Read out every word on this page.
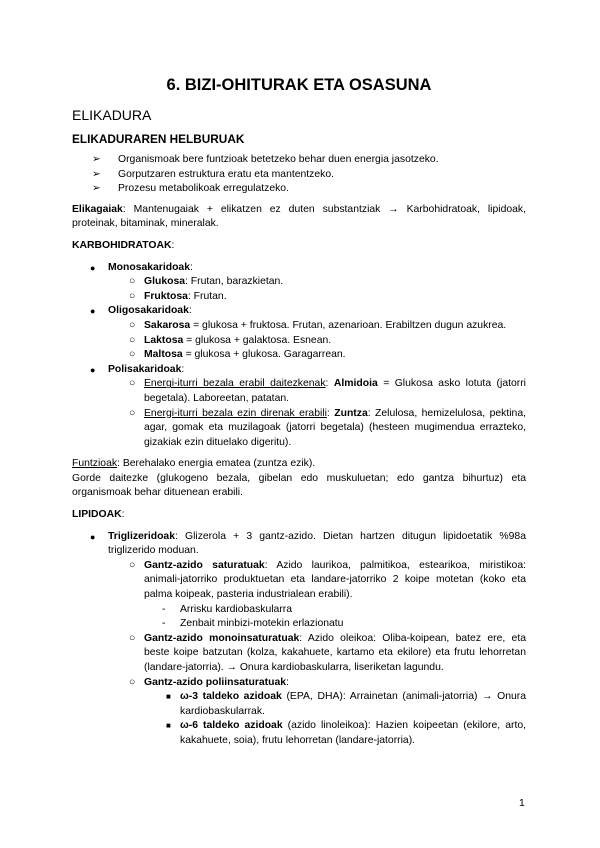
6. BIZI-OHITURAK ETA OSASUNA
ELIKADURA
ELIKADURAREN HELBURUAK
➢ Organismoak bere funtzioak betetzeko behar duen energia jasotzeko.
➢ Gorputzaren estruktura eratu eta mantentzeko.
➢ Prozesu metabolikoak erregulatzeko.
Elikagaiak: Mantenugaiak + elikatzen ez duten substantziak → Karbohidratoak, lipidoak, proteinak, bitaminak, mineralak.
KARBOHIDRATOAK:
● Monosakaridoak:
○ Glukosa: Frutan, barazkietan.
○ Fruktosa: Frutan.
● Oligosakaridoak:
○ Sakarosa = glukosa + fruktosa. Frutan, azenarioan. Erabiltzen dugun azukrea.
○ Laktosa = glukosa + galaktosa. Esnean.
○ Maltosa = glukosa + glukosa. Garagarrean.
● Polisakaridoak:
○ Energi-iturri bezala erabil daitezkenak: Almidoia = Glukosa asko lotuta (jatorri begetala). Laboreetan, patatan.
○ Energi-iturri bezala ezin direnak erabili: Zuntza: Zelulosa, hemizelulosa, pektina, agar, gomak eta muzilagoak (jatorri begetala) (hesteen mugimendua errazteko, gizakiak ezin dituelako digeritu).
Funtzioak: Berehalako energia ematea (zuntza ezik).
Gorde daitezke (glukogeno bezala, gibelan edo muskuluetan; edo gantza bihurtuz) eta organismoak behar dituenean erabili.
LIPIDOAK:
● Triglizeridoak: Glizerola + 3 gantz-azido. Dietan hartzen ditugun lipidoetatik %98a triglizerido moduan.
○ Gantz-azido saturatuak: Azido laurikoa, palmitikoa, estearikoa, miristikoa: animali-jatorriko produktuetan eta landare-jatorriko 2 koipe motetan (koko eta palma koipeak, pasteria industrialean erabili).
- Arrisku kardiobaskularra
- Zenbait minbizi-motekin erlazionatu
○ Gantz-azido monoinsaturatuak: Azido oleikoa: Oliba-koipean, batez ere, eta beste koipe batzutan (kolza, kakahuete, kartamo eta ekilore) eta frutu lehorretan (landare-jatorria). → Onura kardiobaskularra, liseriketan lagundu.
○ Gantz-azido poliinsaturatuak:
■ ω-3 taldeko azidoak (EPA, DHA): Arrainetan (animali-jatorria) → Onura kardiobaskularrak.
■ ω-6 taldeko azidoak (azido linoleikoa): Hazien koipeetan (ekilore, arto, kakahuete, soia), frutu lehorretan (landare-jatorria).
1
